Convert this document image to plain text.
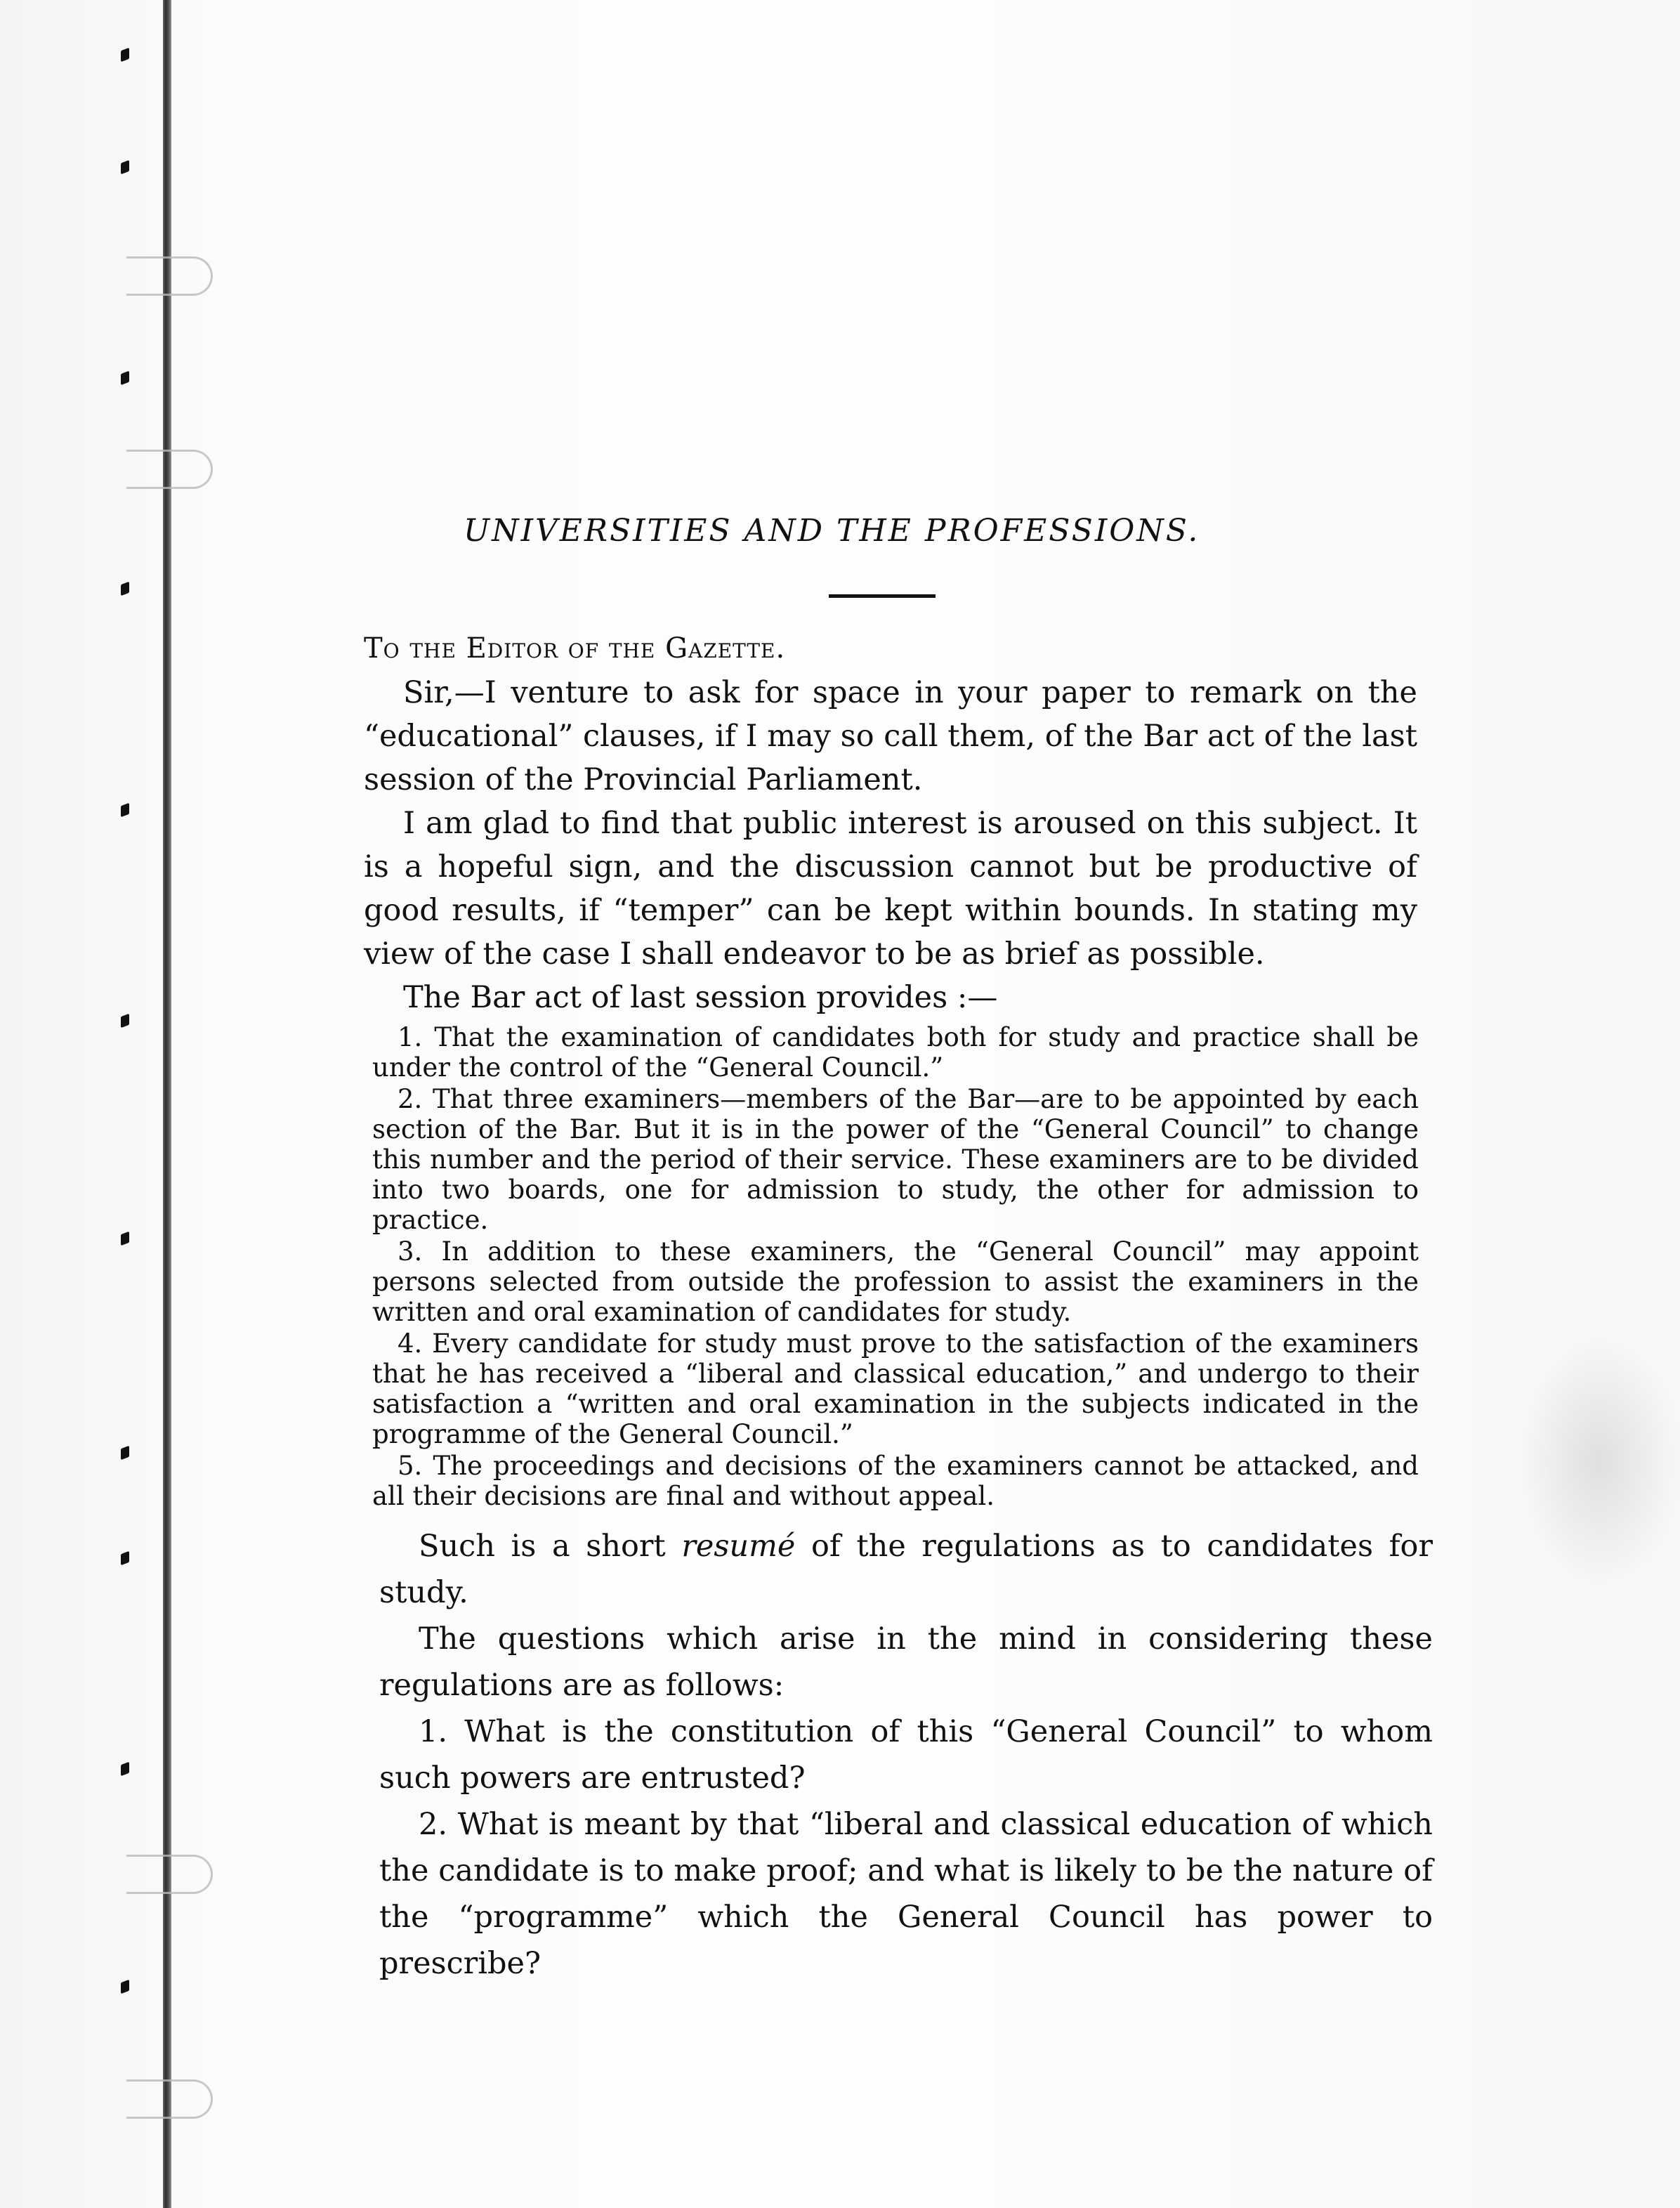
UNIVERSITIES AND THE PROFESSIONS.
To the Editor of the Gazette.

Sir,—I venture to ask for space in your paper to remark on the “educational” clauses, if I may so call them, of the Bar act of the last session of the Provincial Parliament.

I am glad to find that public interest is aroused on this subject. It is a hopeful sign, and the discussion cannot but be productive of good results, if “temper” can be kept within bounds. In stating my view of the case I shall endeavor to be as brief as possible.

The Bar act of last session provides :—

1. That the examination of candidates both for study and practice shall be under the control of the “General Council.”

2. That three examiners—members of the Bar—are to be appointed by each section of the Bar. But it is in the power of the “General Council” to change this number and the period of their service. These examiners are to be divided into two boards, one for admission to study, the other for admission to practice.

3. In addition to these examiners, the “General Council” may appoint persons selected from outside the profession to assist the examiners in the written and oral examination of candidates for study.

4. Every candidate for study must prove to the satisfaction of the examiners that he has received a “liberal and classical education,” and undergo to their satisfaction a “written and oral examination in the subjects indicated in the programme of the General Council.”

5. The proceedings and decisions of the examiners cannot be attacked, and all their decisions are final and without appeal.

Such is a short resumé of the regulations as to candidates for study.

The questions which arise in the mind in considering these regulations are as follows:

1. What is the constitution of this “General Council” to whom such powers are entrusted?

2. What is meant by that “liberal and classical education of which the candidate is to make proof; and what is likely to be the nature of the “programme” which the General Council has power to prescribe?
